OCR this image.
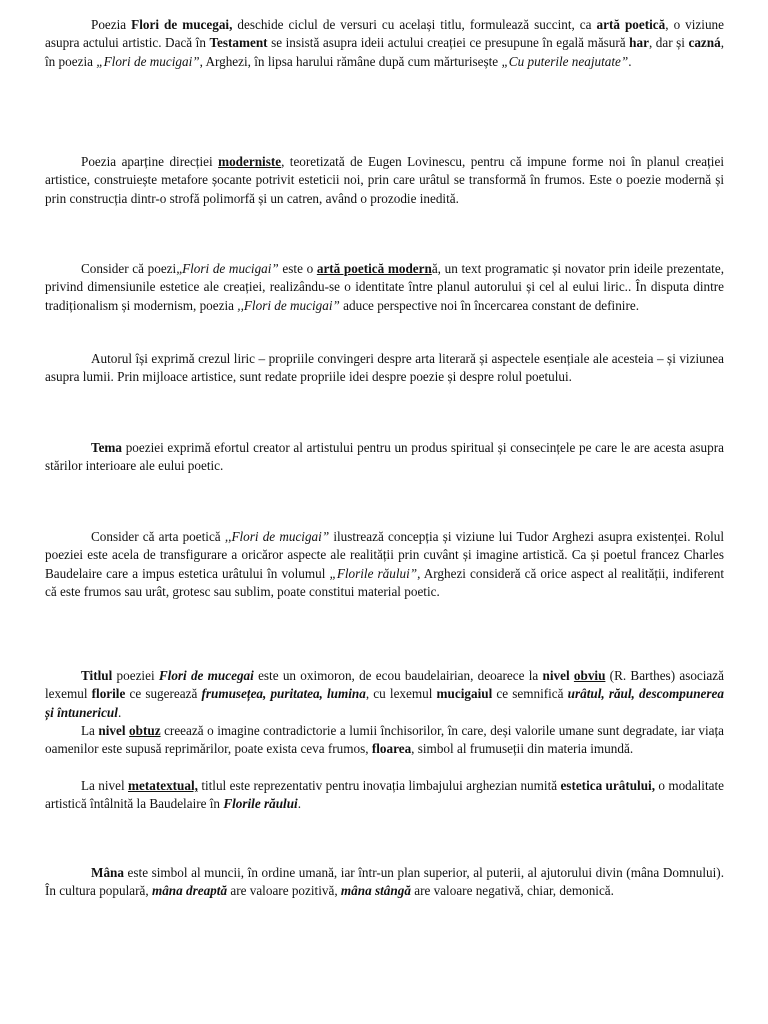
Poezia Flori de mucegai, deschide ciclul de versuri cu același titlu, formulează succint, ca artă poetică, o viziune asupra actului artistic. Dacă în Testament se insistă asupra ideii actului creației ce presupune în egală măsură har, dar și cazná, în poezia „Flori de mucigai”, Arghezi, în lipsa harului rămâne după cum mărturisește „Cu puterile neajutate”.

Poezia aparține direcției moderniste, teoretizată de Eugen Lovinescu, pentru că impune forme noi în planul creației artistice, construiește metafore șocante potrivit esteticii noi, prin care urâtul se transformă în frumos. Este o poezie modernă și prin construcția dintr-o strofă polimorfă și un catren, având o prozodie inedită.

Consider că poezi„Flori de mucigai” este o artă poetică modernă, un text programatic și novator prin ideile prezentate, privind dimensiunile estetice ale creației, realizându-se o identitate între planul autorului și cel al eului liric.. În disputa dintre tradiționalism și modernism, poezia ,,Flori de mucigai” aduce perspective noi în încercarea constant de definire.

Autorul își exprimă crezul liric – propriile convingeri despre arta literară și aspectele esențiale ale acesteia – și viziunea asupra lumii. Prin mijloace artistice, sunt redate propriile idei despre poezie și despre rolul poetului.

Tema poeziei exprimă efortul creator al artistului pentru un produs spiritual și consecințele pe care le are acesta asupra stărilor interioare ale eului poetic.

Consider că arta poetică ,,Flori de mucigai” ilustrează concepția și viziune lui Tudor Arghezi asupra existenței. Rolul poeziei este acela de transfigurare a oricăror aspecte ale realității prin cuvânt și imagine artistică. Ca și poetul francez Charles Baudelaire care a impus estetica urâtului în volumul „Florile răului”, Arghezi consideră că orice aspect al realității, indiferent că este frumos sau urât, grotesc sau sublim, poate constitui material poetic.

Titlul poeziei Flori de mucegai este un oximoron, de ecou baudelairian, deoarece la nivel obviu (R. Barthes) asociază lexemul florile ce sugerează frumusețea, puritatea, lumina, cu lexemul mucigaiul ce semnifică urâtul, răul, descompunerea și întunericul.

La nivel obtuz creează o imagine contradictorie a lumii închisorilor, în care, deși valorile umane sunt degradate, iar viața oamenilor este supusă reprimărilor, poate exista ceva frumos, floarea, simbol al frumuseții din materia imundă.

La nivel metatextual, titlul este reprezentativ pentru inovația limbajului arghezian numită estetica urâtului, o modalitate artistică întâlnită la Baudelaire în Florile răului.

Mâna este simbol al muncii, în ordine umană, iar într-un plan superior, al puterii, al ajutorului divin (mâna Domnului). În cultura populară, mâna dreaptă are valoare pozitivă, mâna stângă are valoare negativă, chiar, demonică.
